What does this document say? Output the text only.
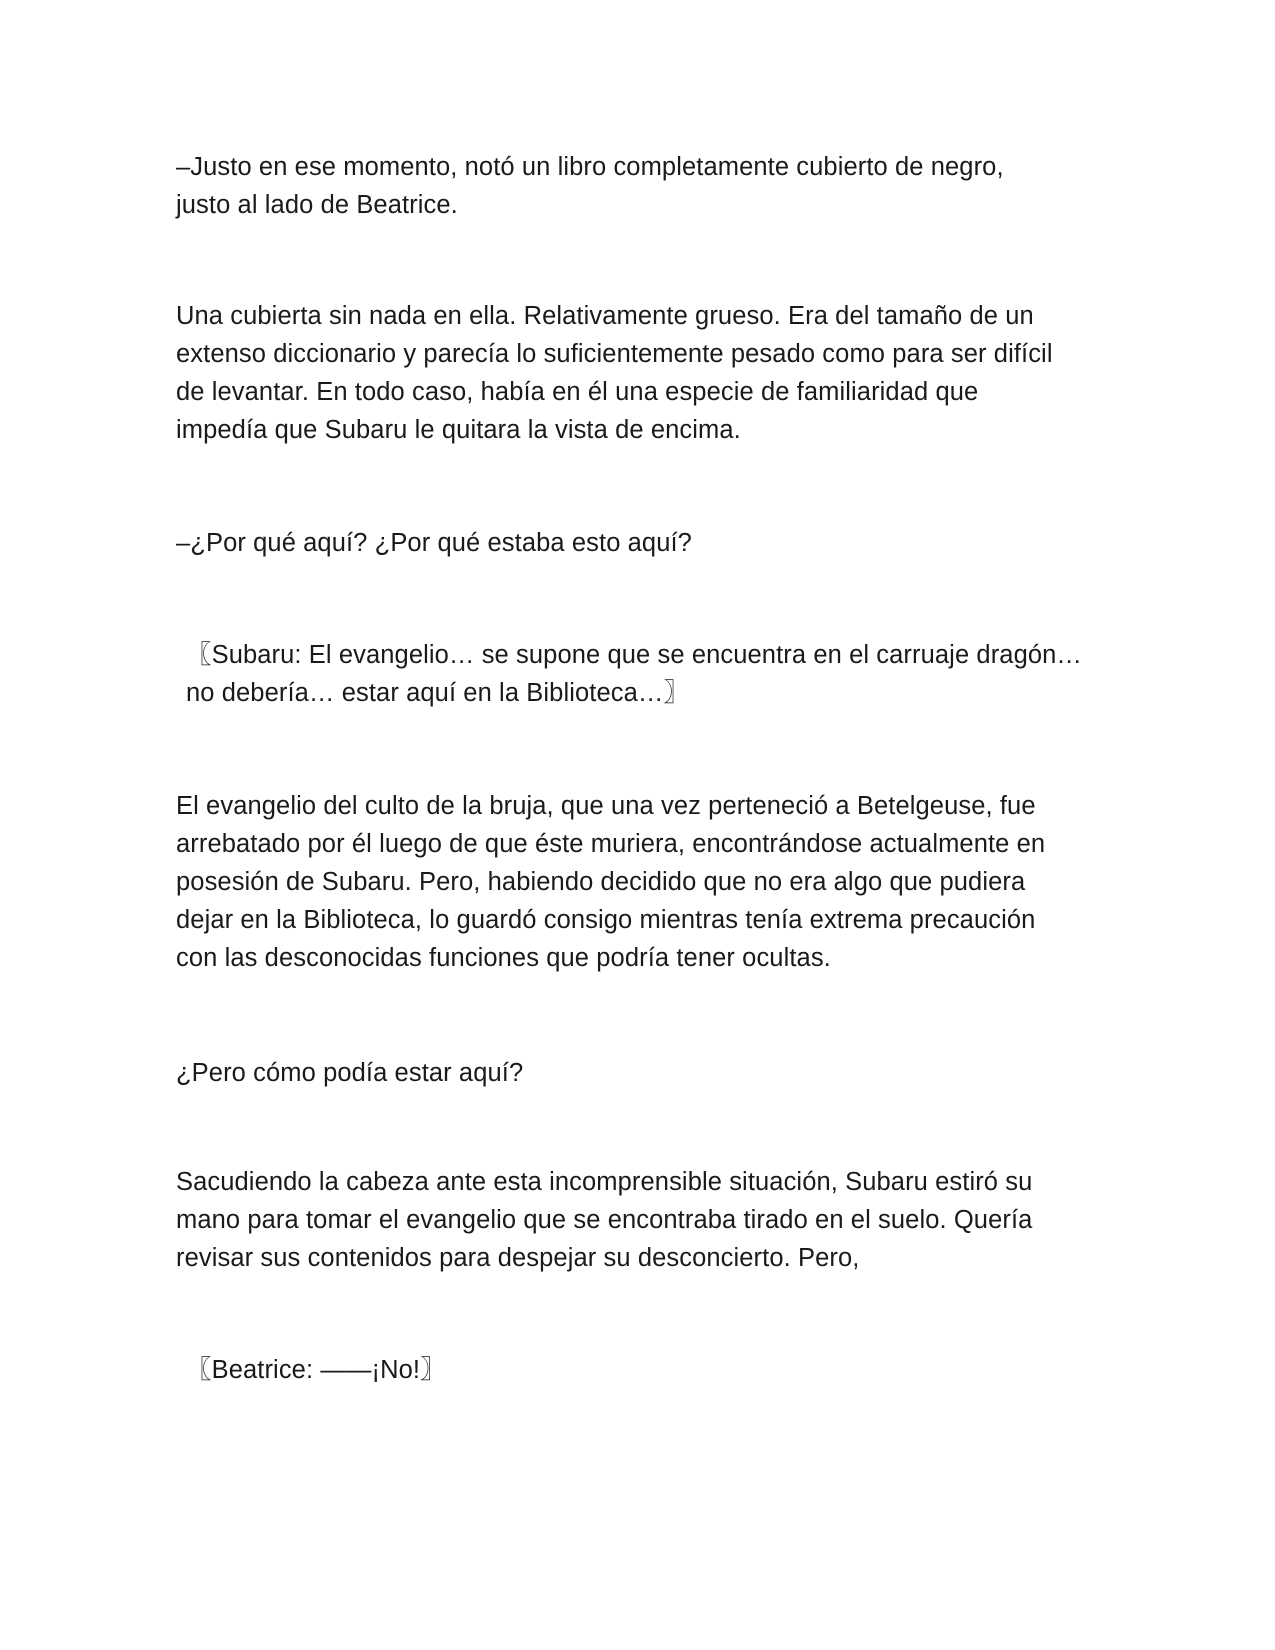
–Justo en ese momento, notó un libro completamente cubierto de negro,
justo al lado de Beatrice.

Una cubierta sin nada en ella. Relativamente grueso. Era del tamaño de un
extenso diccionario y parecía lo suficientemente pesado como para ser difícil
de levantar. En todo caso, había en él una especie de familiaridad que
impedía que Subaru le quitara la vista de encima.

–¿Por qué aquí? ¿Por qué estaba esto aquí?

〖Subaru: El evangelio… se supone que se encuentra en el carruaje dragón…
no debería… estar aquí en la Biblioteca…〗

El evangelio del culto de la bruja, que una vez perteneció a Betelgeuse, fue
arrebatado por él luego de que éste muriera, encontrándose actualmente en
posesión de Subaru. Pero, habiendo decidido que no era algo que pudiera
dejar en la Biblioteca, lo guardó consigo mientras tenía extrema precaución
con las desconocidas funciones que podría tener ocultas.

¿Pero cómo podía estar aquí?

Sacudiendo la cabeza ante esta incomprensible situación, Subaru estiró su
mano para tomar el evangelio que se encontraba tirado en el suelo. Quería
revisar sus contenidos para despejar su desconcierto. Pero,

〖Beatrice: ——¡No!〗
